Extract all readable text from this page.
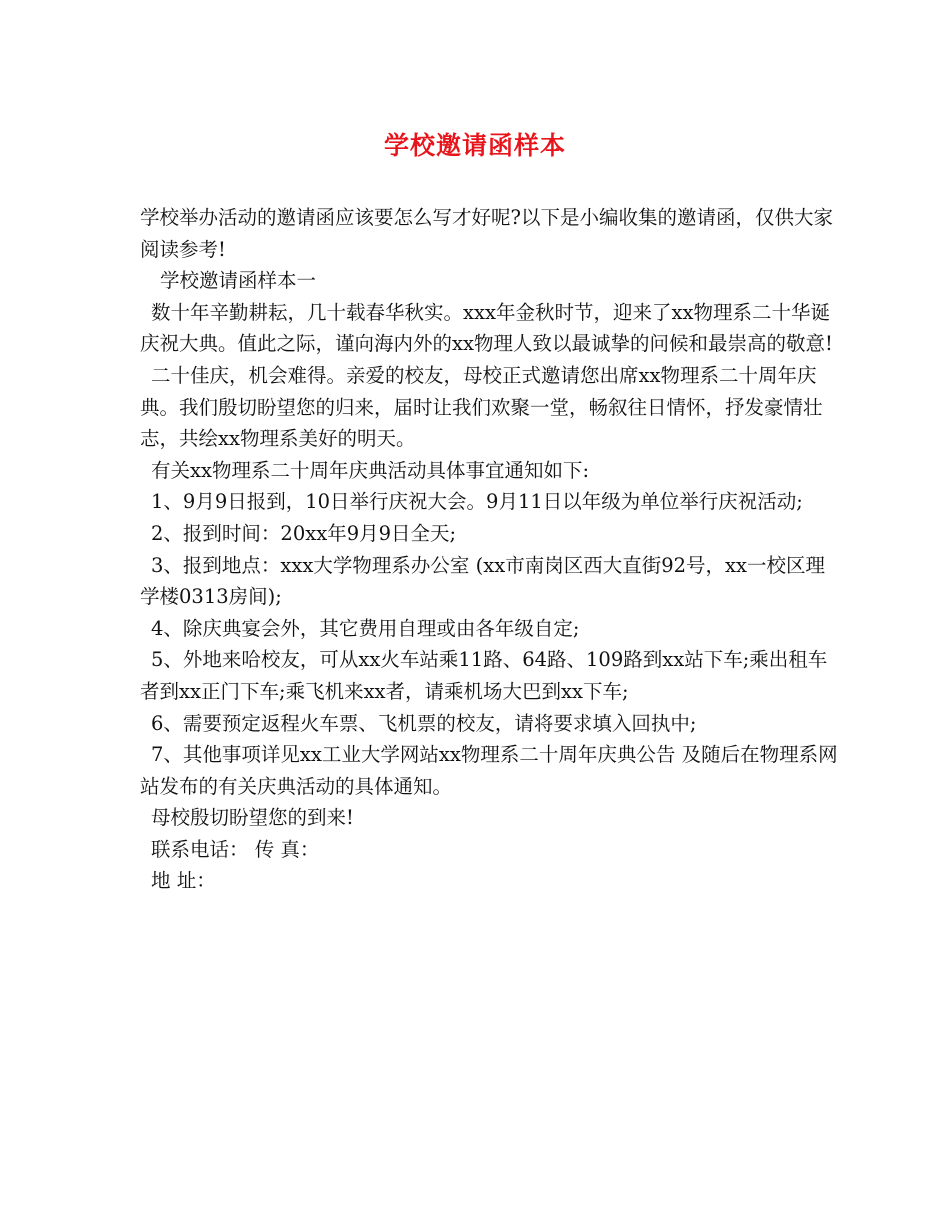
学校邀请函样本

学校举办活动的邀请函应该要怎么写才好呢?以下是小编收集的邀请函，仅供大家阅读参考!

学校邀请函样本一

数十年辛勤耕耘，几十载春华秋实。xxx年金秋时节，迎来了xx物理系二十华诞庆祝大典。值此之际，谨向海内外的xx物理人致以最诚挚的问候和最崇高的敬意!

二十佳庆，机会难得。亲爱的校友，母校正式邀请您出席xx物理系二十周年庆典。我们殷切盼望您的归来，届时让我们欢聚一堂，畅叙往日情怀，抒发豪情壮志，共绘xx物理系美好的明天。

有关xx物理系二十周年庆典活动具体事宜通知如下:

1、9月9日报到，10日举行庆祝大会。9月11日以年级为单位举行庆祝活动;

2、报到时间：20xx年9月9日全天;

3、报到地点：xxx大学物理系办公室 (xx市南岗区西大直街92号，xx一校区理学楼0313房间);

4、除庆典宴会外，其它费用自理或由各年级自定;

5、外地来哈校友，可从xx火车站乘11路、64路、109路到xx站下车;乘出租车者到xx正门下车;乘飞机来xx者，请乘机场大巴到xx下车;

6、需要预定返程火车票、飞机票的校友，请将要求填入回执中;

7、其他事项详见xx工业大学网站xx物理系二十周年庆典公告 及随后在物理系网站发布的有关庆典活动的具体通知。

母校殷切盼望您的到来!

联系电话： 传 真：

地 址：
